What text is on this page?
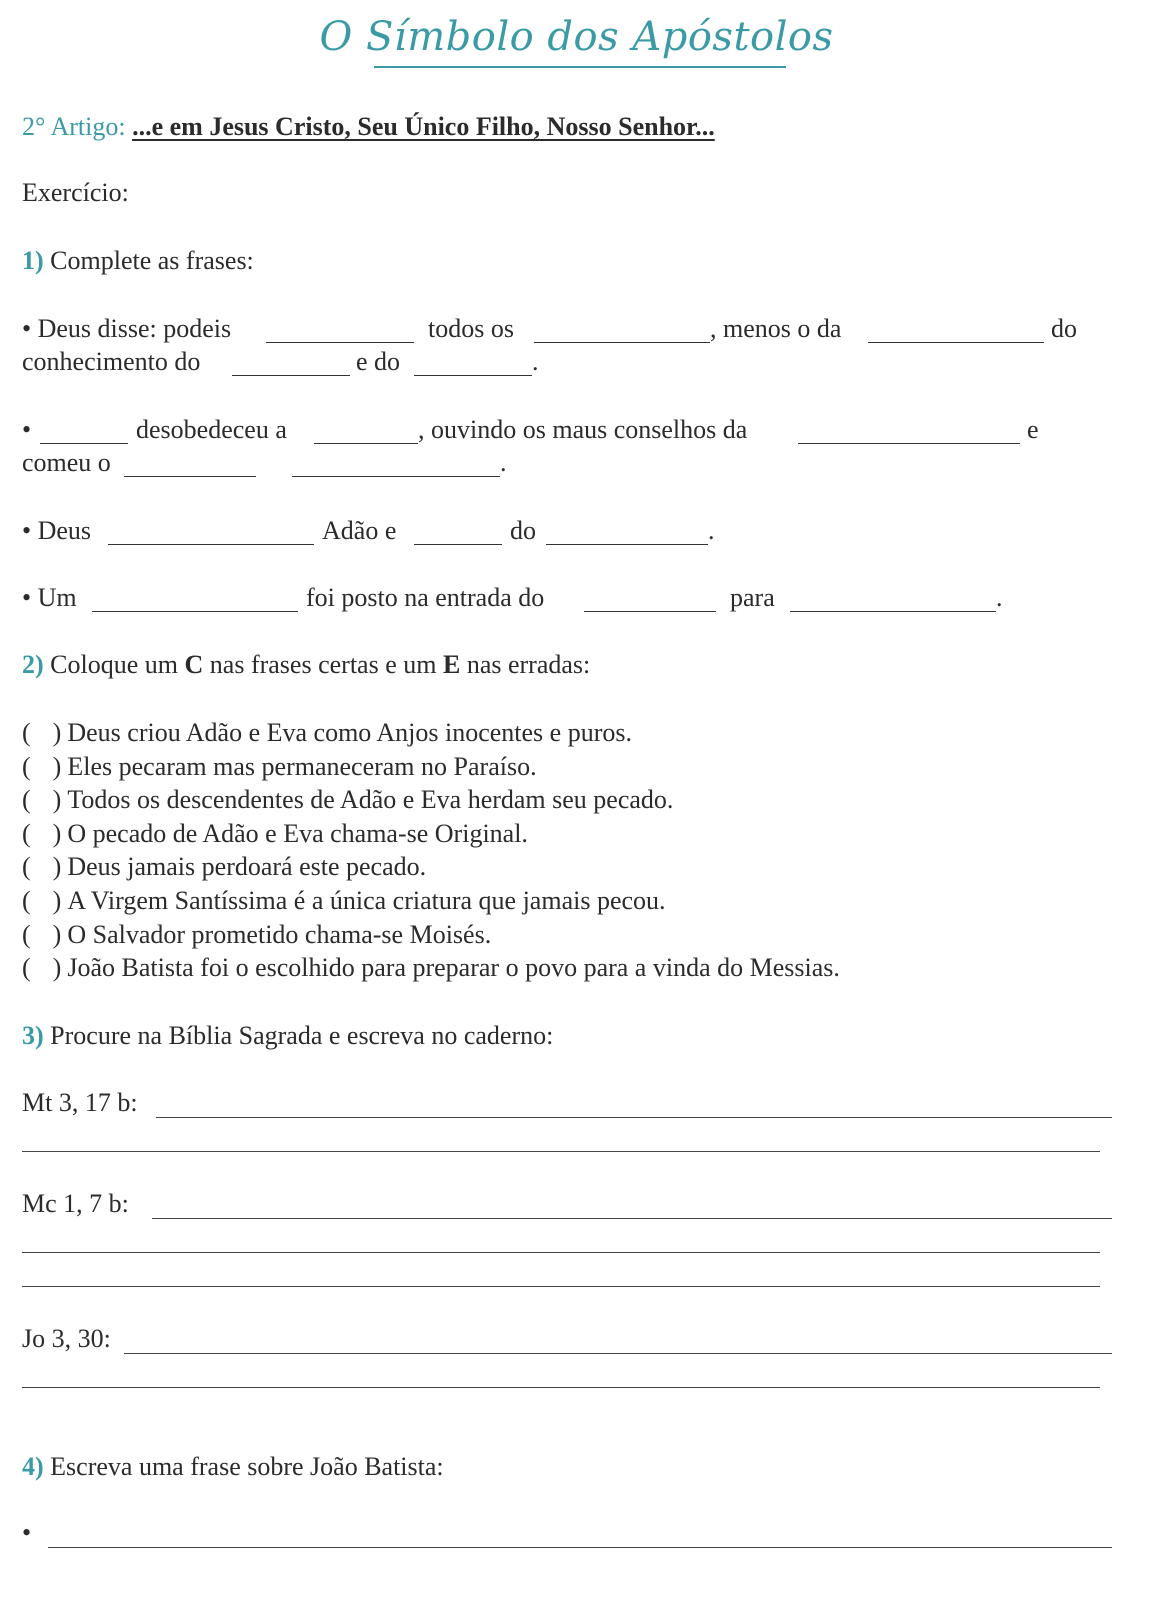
O Símbolo dos Apóstolos
2° Artigo: ...e em Jesus Cristo, Seu Único Filho, Nosso Senhor...
Exercício:
1) Complete as frases:
• Deus disse: podeis	todos os	, menos o da	do
conhecimento do	e do	.
•	desobedeceu a	, ouvindo os maus conselhos da	e
comeu o	.
• Deus	Adão e	do	.
• Um	foi posto na entrada do	para	.
2) Coloque um C nas frases certas e um E nas erradas:
( ) Deus criou Adão e Eva como Anjos inocentes e puros.
( ) Eles pecaram mas permaneceram no Paraíso.
( ) Todos os descendentes de Adão e Eva herdam seu pecado.
( ) O pecado de Adão e Eva chama-se Original.
( ) Deus jamais perdoará este pecado.
( ) A Virgem Santíssima é a única criatura que jamais pecou.
( ) O Salvador prometido chama-se Moisés.
( ) João Batista foi o escolhido para preparar o povo para a vinda do Messias.
3) Procure na Bíblia Sagrada e escreva no caderno:
Mt 3, 17 b:
Mc 1, 7 b:
Jo 3, 30:
4) Escreva uma frase sobre João Batista:
•
